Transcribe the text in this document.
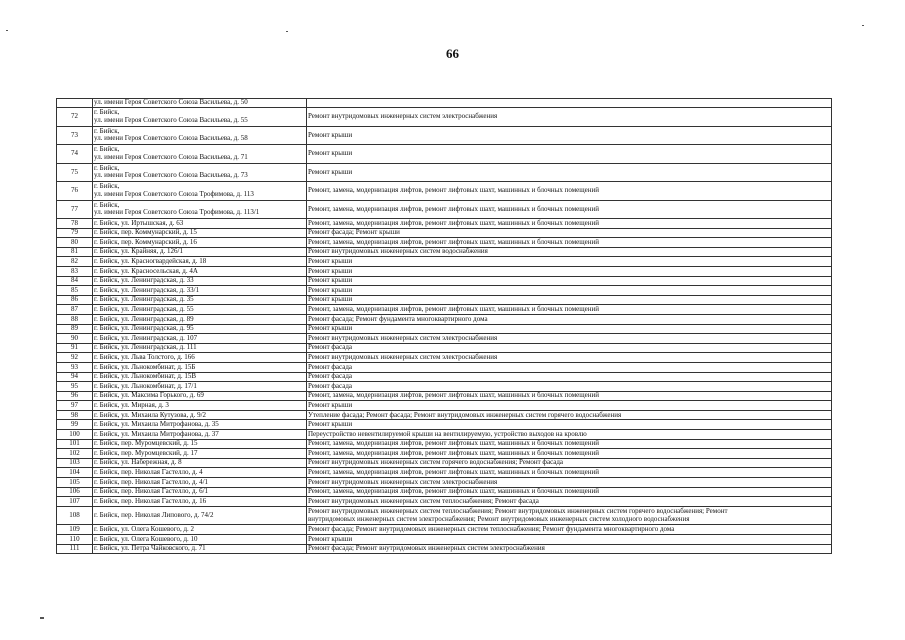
66
	ул. имени Героя Советского Союза Васильева, д. 50	
72	г. Бийск,
ул. имени Героя Советского Союза Васильева, д. 55	Ремонт внутридомовых инженерных систем электроснабжения

73	г. Бийск,
ул. имени Героя Советского Союза Васильева, д. 58	Ремонт крыши

74	г. Бийск,
ул. имени Героя Советского Союза Васильева, д. 71	Ремонт крыши

75	г. Бийск,
ул. имени Героя Советского Союза Васильева, д. 73	Ремонт крыши

76	г. Бийск,
ул. имени Героя Советского Союза Трофимова, д. 113	Ремонт, замена, модернизация лифтов, ремонт лифтовых шахт, машинных и блочных помещений

77	г. Бийск,
ул. имени Героя Советского Союза Трофимова, д. 113/1	Ремонт, замена, модернизация лифтов, ремонт лифтовых шахт, машинных и блочных помещений

78	г. Бийск, ул. Иртышская, д. 63	Ремонт, замена, модернизация лифтов, ремонт лифтовых шахт, машинных и блочных помещений

79	г. Бийск, пер. Коммунарский, д. 15	Ремонт фасада; Ремонт крыши

80	г. Бийск, пер. Коммунарский, д. 16	Ремонт, замена, модернизация лифтов, ремонт лифтовых шахт, машинных и блочных помещений

81	г. Бийск, ул. Крайняя, д. 126/1	Ремонт внутридомовых инженерных систем водоснабжения

82	г. Бийск, ул. Красногвардейская, д. 18	Ремонт крыши

83	г. Бийск, ул. Красносельская, д. 4А	Ремонт крыши

84	г. Бийск, ул. Ленинградская, д. 33	Ремонт крыши

85	г. Бийск, ул. Ленинградская, д. 33/1	Ремонт крыши

86	г. Бийск, ул. Ленинградская, д. 35	Ремонт крыши

87	г. Бийск, ул. Ленинградская, д. 55	Ремонт, замена, модернизация лифтов, ремонт лифтовых шахт, машинных и блочных помещений

88	г. Бийск, ул. Ленинградская, д. 89	Ремонт фасада; Ремонт фундамента многоквартирного дома

89	г. Бийск, ул. Ленинградская, д. 95	Ремонт крыши

90	г. Бийск, ул. Ленинградская, д. 107	Ремонт внутридомовых инженерных систем электроснабжения

91	г. Бийск, ул. Ленинградская, д. 111	Ремонт фасада

92	г. Бийск, ул. Льва Толстого, д. 166	Ремонт внутридомовых инженерных систем электроснабжения

93	г. Бийск, ул. Льнокомбинат, д. 15Б	Ремонт фасада

94	г. Бийск, ул. Льнокомбинат, д. 15В	Ремонт фасада

95	г. Бийск, ул. Льнокомбинат, д. 17/1	Ремонт фасада

96	г. Бийск, ул. Максима Горького, д. 69	Ремонт, замена, модернизация лифтов, ремонт лифтовых шахт, машинных и блочных помещений

97	г. Бийск, ул. Мирная, д. 3	Ремонт крыши

98	г. Бийск, ул. Михаила Кутузова, д. 9/2	Утепление фасада; Ремонт фасада; Ремонт внутридомовых инженерных систем горячего водоснабжения

99	г. Бийск, ул. Михаила Митрофанова, д. 35	Ремонт крыши

100	г. Бийск, ул. Михаила Митрофанова, д. 37	Переустройство невентилируемой крыши на вентилируемую, устройство выходов на кровлю

101	г. Бийск, пер. Муромцевский, д. 15	Ремонт, замена, модернизация лифтов, ремонт лифтовых шахт, машинных и блочных помещений

102	г. Бийск, пер. Муромцевский, д. 17	Ремонт, замена, модернизация лифтов, ремонт лифтовых шахт, машинных и блочных помещений

103	г. Бийск, ул. Набережная, д. 8	Ремонт внутридомовых инженерных систем горячего водоснабжения; Ремонт фасада

104	г. Бийск, пер. Николая Гастелло, д. 4	Ремонт, замена, модернизация лифтов, ремонт лифтовых шахт, машинных и блочных помещений

105	г. Бийск, пер. Николая Гастелло, д. 4/1	Ремонт внутридомовых инженерных систем электроснабжения

106	г. Бийск, пер. Николая Гастелло, д. 6/1	Ремонт, замена, модернизация лифтов, ремонт лифтовых шахт, машинных и блочных помещений

107	г. Бийск, пер. Николая Гастелло, д. 16	Ремонт внутридомовых инженерных систем теплоснабжения; Ремонт фасада

108	г. Бийск, пер. Николая Липового, д. 74/2	Ремонт внутридомовых инженерных систем теплоснабжения; Ремонт внутридомовых инженерных систем горячего водоснабжения; Ремонт
внутридомовых инженерных систем электроснабжения; Ремонт внутридомовых инженерных систем холодного водоснабжения

109	г. Бийск, ул. Олега Кошевого, д. 2	Ремонт фасада; Ремонт внутридомовых инженерных систем теплоснабжения; Ремонт фундамента многоквартирного дома

110	г. Бийск, ул. Олега Кошевого, д. 10	Ремонт крыши

111	г. Бийск, ул. Петра Чайковского, д. 71	Ремонт фасада; Ремонт внутридомовых инженерных систем электроснабжения
